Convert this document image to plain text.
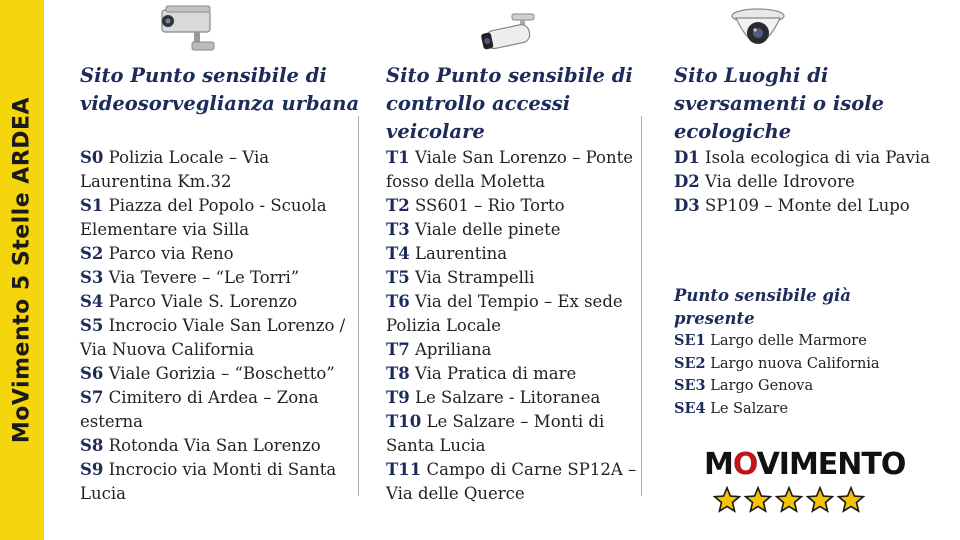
MoVimento 5 Stelle ARDEA
Sito Punto sensibile di videosorveglianza urbana

S0 Polizia Locale – Via Laurentina Km.32

S1 Piazza del Popolo - Scuola Elementare via Silla

S2 Parco via Reno

S3 Via Tevere – “Le Torri”

S4 Parco Viale S. Lorenzo

S5 Incrocio Viale San Lorenzo / Via Nuova California

S6 Viale Gorizia – “Boschetto”

S7 Cimitero di Ardea – Zona esterna

S8 Rotonda Via San Lorenzo

S9 Incrocio via Monti di Santa Lucia

Sito Punto sensibile di controllo accessi veicolare

T1 Viale San Lorenzo – Ponte fosso della Moletta

T2 SS601 – Rio Torto

T3 Viale delle pinete

T4 Laurentina

T5 Via Strampelli

T6 Via del Tempio – Ex sede Polizia Locale

T7 Apriliana

T8 Via Pratica di mare

T9 Le Salzare - Litoranea

T10 Le Salzare – Monti di Santa Lucia

T11 Campo di Carne SP12A – Via delle Querce

Sito Luoghi di sversamenti o isole ecologiche

D1 Isola ecologica di via Pavia

D2 Via delle Idrovore

D3 SP109 – Monte del Lupo

Punto sensibile già presente

SE1 Largo delle Marmore

SE2 Largo nuova California

SE3 Largo Genova

SE4 Le Salzare

MOVIMENTO
